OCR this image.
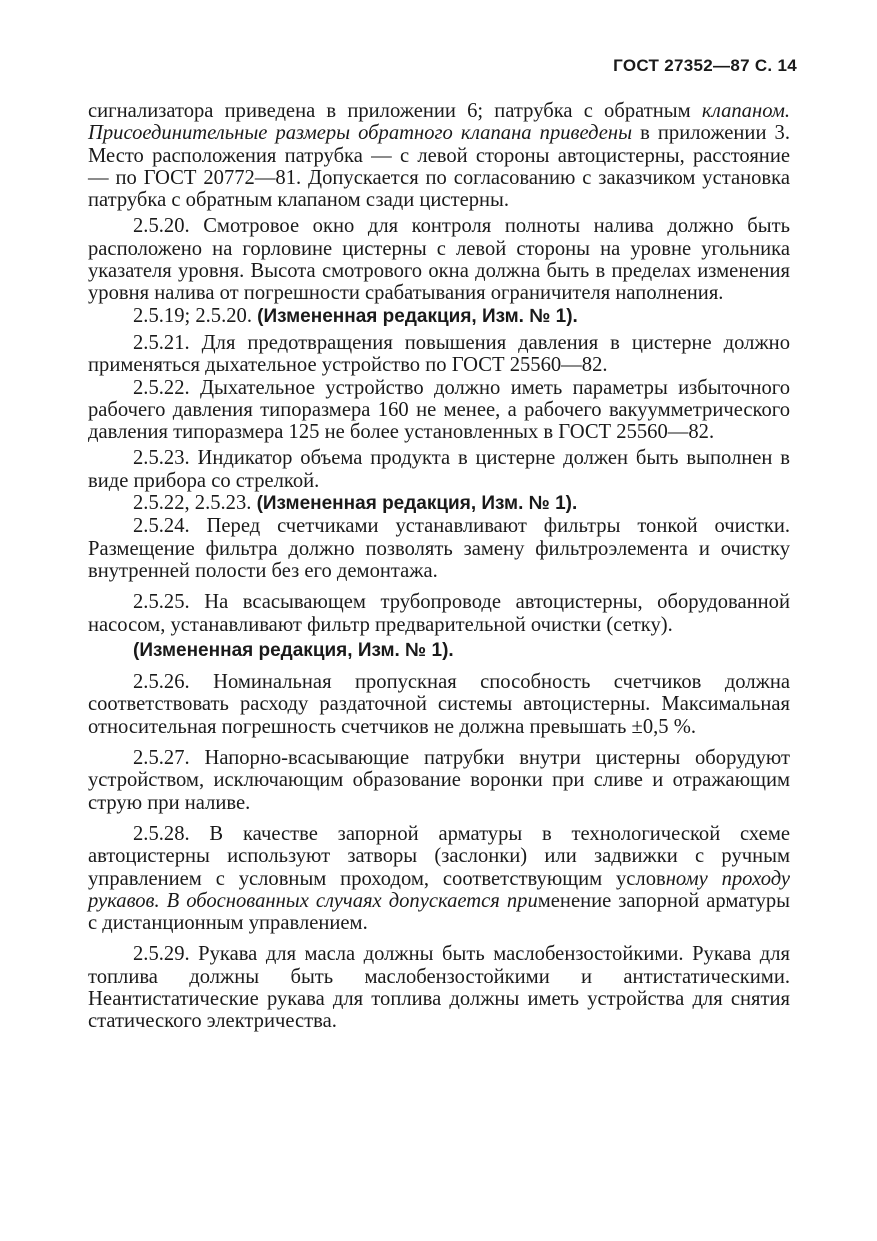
ГОСТ 27352—87 С. 14

сигнализатора приведена в приложении 6; патрубка с обратным клапаном. Присоединительные размеры обратного клапана приведены в приложении 3. Место расположения патрубка — с левой стороны автоцистерны, расстояние — по ГОСТ 20772—81. Допускается по согласованию с заказчиком установка патрубка с обратным клапаном сзади цистерны.

2.5.20. Смотровое окно для контроля полноты налива должно быть расположено на горловине цистерны с левой стороны на уровне угольника указателя уровня. Высота смотрового окна должна быть в пределах изменения уровня налива от погрешности срабатывания ограничителя наполнения.

2.5.19; 2.5.20. (Измененная редакция, Изм. № 1).

2.5.21. Для предотвращения повышения давления в цистерне должно применяться дыхательное устройство по ГОСТ 25560—82.

2.5.22. Дыхательное устройство должно иметь параметры избыточного рабочего давления типоразмера 160 не менее, а рабочего вакуумметрического давления типоразмера 125 не более установленных в ГОСТ 25560—82.

2.5.23. Индикатор объема продукта в цистерне должен быть выполнен в виде прибора со стрелкой.

2.5.22, 2.5.23. (Измененная редакция, Изм. № 1).

2.5.24. Перед счетчиками устанавливают фильтры тонкой очистки. Размещение фильтра должно позволять замену фильтроэлемента и очистку внутренней полости без его демонтажа.

2.5.25. На всасывающем трубопроводе автоцистерны, оборудованной насосом, устанавливают фильтр предварительной очистки (сетку).

(Измененная редакция, Изм. № 1).

2.5.26. Номинальная пропускная способность счетчиков должна соответствовать расходу раздаточной системы автоцистерны. Максимальная относительная погрешность счетчиков не должна превышать ±0,5 %.

2.5.27. Напорно-всасывающие патрубки внутри цистерны оборудуют устройством, исключающим образование воронки при сливе и отражающим струю при наливе.

2.5.28. В качестве запорной арматуры в технологической схеме автоцистерны используют затворы (заслонки) или задвижки с ручным управлением с условным проходом, соответствующим условному проходу рукавов. В обоснованных случаях допускается применение запорной арматуры с дистанционным управлением.

2.5.29. Рукава для масла должны быть маслобензостойкими. Рукава для топлива должны быть маслобензостойкими и антистатическими. Неантистатические рукава для топлива должны иметь устройства для снятия статического электричества.
